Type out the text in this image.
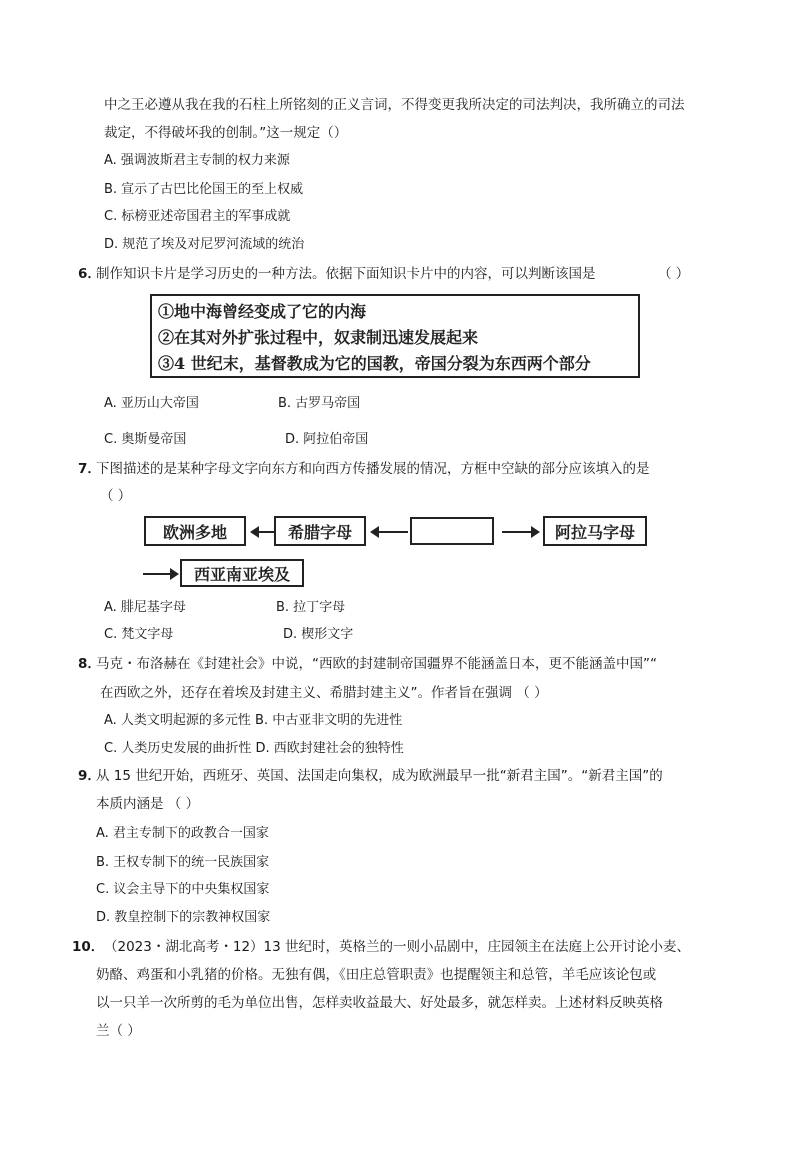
中之王必遵从我在我的石柱上所铭刻的正义言词，不得变更我所决定的司法判决，我所确立的司法
裁定，不得破坏我的创制。”这一规定（）
A. 强调波斯君主专制的权力来源
B. 宣示了古巴比伦国王的至上权威
C. 标榜亚述帝国君主的军事成就
D. 规范了埃及对尼罗河流域的统治
6．
制作知识卡片是学习历史的一种方法。依据下面知识卡片中的内容，可以判断该国是	（ ）
①地中海曾经变成了它的内海
②在其对外扩张过程中，奴隶制迅速发展起来
③4 世纪末，基督教成为它的国教，帝国分裂为东西两个部分
A. 亚历山大帝国	B. 古罗马帝国
C. 奥斯曼帝国	D. 阿拉伯帝国
7．
下图描述的是某种字母文字向东方和向西方传播发展的情况，方框中空缺的部分应该填入的是
（ ）
欧洲多地	希腊字母	阿拉马字母
西亚南亚埃及
A. 腓尼基字母	B. 拉丁字母
C. 梵文字母	D. 楔形文字
8．
马克・布洛赫在《封建社会》中说，“西欧的封建制帝国疆界不能涵盖日本，更不能涵盖中国”“
在西欧之外，还存在着埃及封建主义、希腊封建主义”。作者旨在强调 （ ）
A. 人类文明起源的多元性 B. 中古亚非文明的先进性
C. 人类历史发展的曲折性 D. 西欧封建社会的独特性
9．
从 15 世纪开始，西班牙、英国、法国走向集权，成为欧洲最早一批“新君主国”。“新君主国”的
本质内涵是 （ ）
A. 君主专制下的政教合一国家
B. 王权专制下的统一民族国家
C. 议会主导下的中央集权国家
D. 教皇控制下的宗教神权国家
10． （2023・湖北高考・12）13 世纪时，英格兰的一则小品剧中，庄园领主在法庭上公开讨论小麦、
奶酪、鸡蛋和小乳猪的价格。无独有偶，《田庄总管职责》也提醒领主和总管，羊毛应该论包或
以一只羊一次所剪的毛为单位出售，怎样卖收益最大、好处最多，就怎样卖。上述材料反映英格
兰（ ）
